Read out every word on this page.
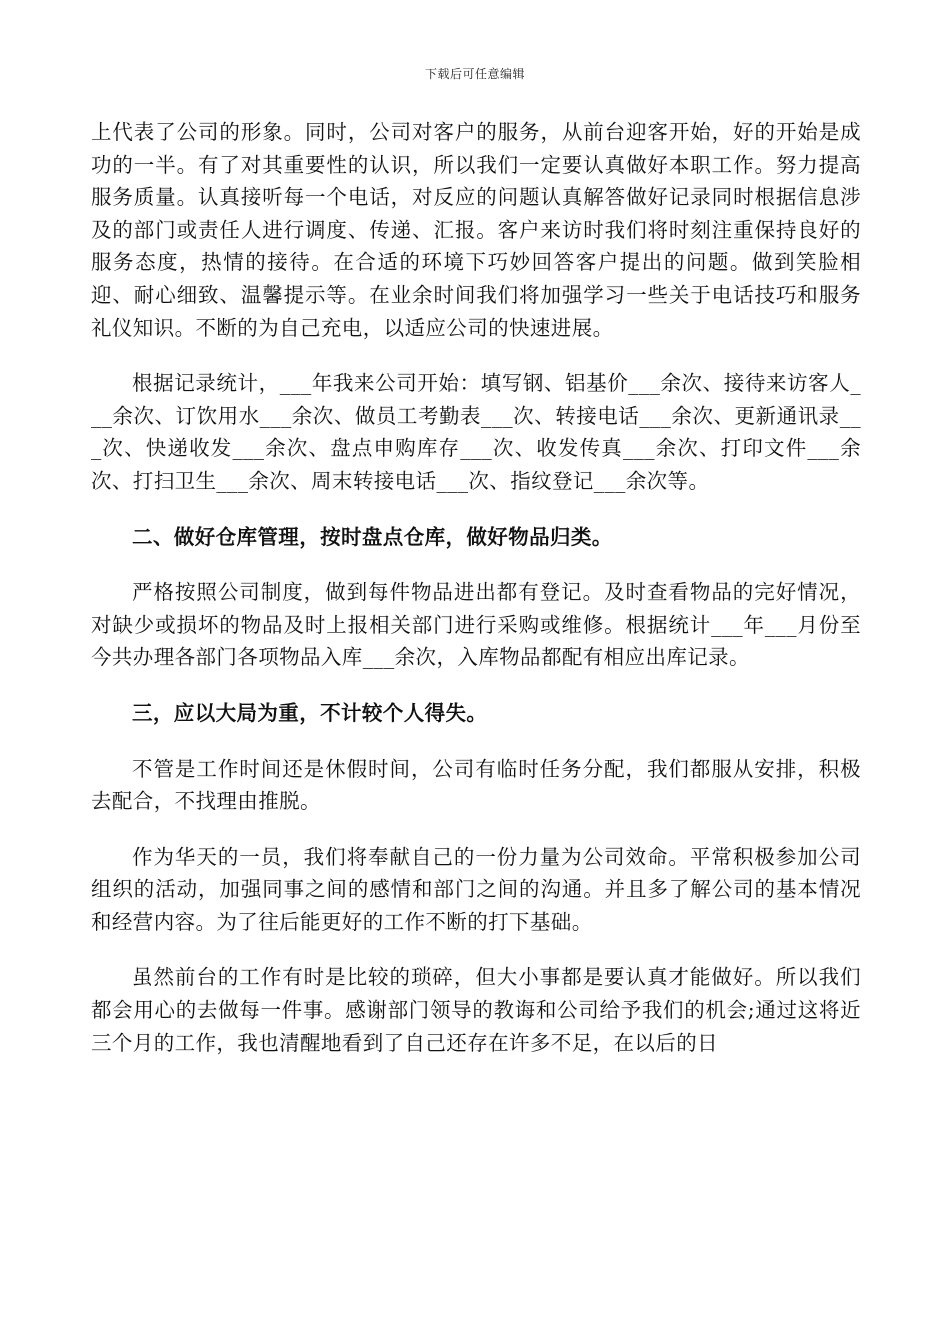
下载后可任意编辑

上代表了公司的形象。同时，公司对客户的服务，从前台迎客开始，好的开始是成功的一半。有了对其重要性的认识，所以我们一定要认真做好本职工作。努力提高服务质量。认真接听每一个电话，对反应的问题认真解答做好记录同时根据信息涉及的部门或责任人进行调度、传递、汇报。客户来访时我们将时刻注重保持良好的服务态度，热情的接待。在合适的环境下巧妙回答客户提出的问题。做到笑脸相迎、耐心细致、温馨提示等。在业余时间我们将加强学习一些关于电话技巧和服务礼仪知识。不断的为自己充电，以适应公司的快速进展。

根据记录统计，___年我来公司开始：填写钢、铝基价___余次、接待来访客人___余次、订饮用水___余次、做员工考勤表___次、转接电话___余次、更新通讯录___次、快递收发___余次、盘点申购库存___次、收发传真___余次、打印文件___余次、打扫卫生___余次、周末转接电话___次、指纹登记___余次等。

二、做好仓库管理，按时盘点仓库，做好物品归类。

严格按照公司制度，做到每件物品进出都有登记。及时查看物品的完好情况，对缺少或损坏的物品及时上报相关部门进行采购或维修。根据统计___年___月份至今共办理各部门各项物品入库___余次，入库物品都配有相应出库记录。

三，应以大局为重，不计较个人得失。

不管是工作时间还是休假时间，公司有临时任务分配，我们都服从安排，积极去配合，不找理由推脱。

作为华天的一员，我们将奉献自己的一份力量为公司效命。平常积极参加公司组织的活动，加强同事之间的感情和部门之间的沟通。并且多了解公司的基本情况和经营内容。为了往后能更好的工作不断的打下基础。

虽然前台的工作有时是比较的琐碎，但大小事都是要认真才能做好。所以我们都会用心的去做每一件事。感谢部门领导的教诲和公司给予我们的机会;通过这将近三个月的工作，我也清醒地看到了自己还存在许多不足，在以后的日
